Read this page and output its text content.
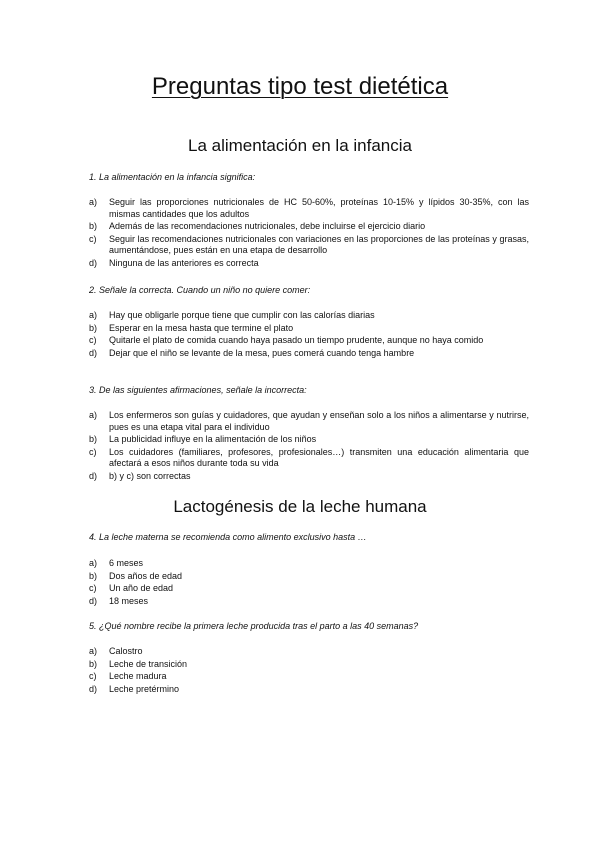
Preguntas tipo test dietética
La alimentación en la infancia
1. La alimentación en la infancia significa:
a) Seguir las proporciones nutricionales de HC 50-60%, proteínas 10-15% y lípidos 30-35%, con las mismas cantidades que los adultos
b) Además de las recomendaciones nutricionales, debe incluirse el ejercicio diario
c) Seguir las recomendaciones nutricionales con variaciones en las proporciones de las proteínas y grasas, aumentándose, pues están en una etapa de desarrollo
d) Ninguna de las anteriores es correcta
2. Señale la correcta. Cuando un niño no quiere comer:
a) Hay que obligarle porque tiene que cumplir con las calorías diarias
b) Esperar en la mesa hasta que termine el plato
c) Quitarle el plato de comida cuando haya pasado un tiempo prudente, aunque no haya comido
d) Dejar que el niño se levante de la mesa, pues comerá cuando tenga hambre
3. De las siguientes afirmaciones, señale la incorrecta:
a) Los enfermeros son guías y cuidadores, que ayudan y enseñan solo a los niños a alimentarse y nutrirse, pues es una etapa vital para el individuo
b) La publicidad influye en la alimentación de los niños
c) Los cuidadores (familiares, profesores, profesionales…) transmiten una educación alimentaria que afectará a esos niños durante toda su vida
d) b) y c) son correctas
Lactogénesis de la leche humana
4. La leche materna se recomienda como alimento exclusivo hasta …
a) 6 meses
b) Dos años de edad
c) Un año de edad
d) 18 meses
5. ¿Qué nombre recibe la primera leche producida tras el parto a las 40 semanas?
a) Calostro
b) Leche de transición
c) Leche madura
d) Leche pretérmino
